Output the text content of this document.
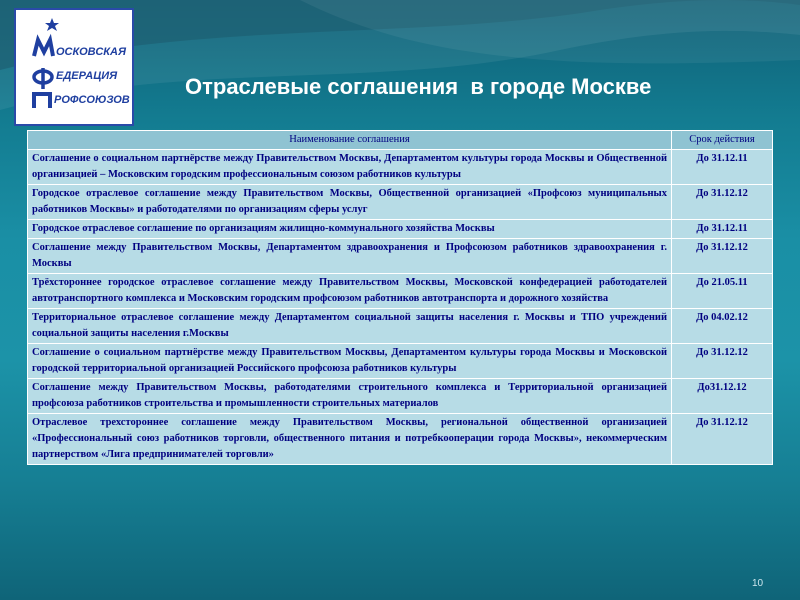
ОСКОВСКАЯ
ЕДЕРАЦИЯ
РОФСОЮЗОВ
Отраслевые соглашения  в городе Москве
Наименование соглашения	Срок действия
Соглашение о социальном партнёрстве между Правительством Москвы, Департаментом культуры города Москвы и Общественной организацией – Московским городским профессиональным союзом работников культуры	До 31.12.11
Городское отраслевое соглашение между Правительством Москвы, Общественной организацией «Профсоюз муниципальных работников Москвы» и работодателями по организациям сферы услуг	До 31.12.12
Городское отраслевое соглашение по организациям жилищно-коммунального хозяйства Москвы	До 31.12.11
Соглашение между Правительством Москвы, Департаментом здравоохранения и Профсоюзом работников здравоохранения г. Москвы	До 31.12.12
Трёхстороннее городское отраслевое соглашение между Правительством Москвы, Московской конфедерацией работодателей автотранспортного комплекса и Московским городским профсоюзом работников автотранспорта и дорожного хозяйства	До 21.05.11
Территориальное отраслевое соглашение между Департаментом социальной защиты населения г. Москвы и ТПО учреждений социальной защиты населения г.Москвы	До 04.02.12
Соглашение о социальном партнёрстве между Правительством Москвы, Департаментом культуры города Москвы и Московской городской территориальной организацией Российского профсоюза работников культуры	До 31.12.12
Соглашение между Правительством Москвы, работодателями строительного комплекса и Территориальной организацией профсоюза работников строительства и промышленности строительных материалов	До31.12.12
Отраслевое трехстороннее соглашение между Правительством Москвы, региональной общественной организацией «Профессиональный союз работников торговли, общественного питания и потребкооперации города Москвы», некоммерческим партнерством «Лига предпринимателей торговли»	До 31.12.12
10
